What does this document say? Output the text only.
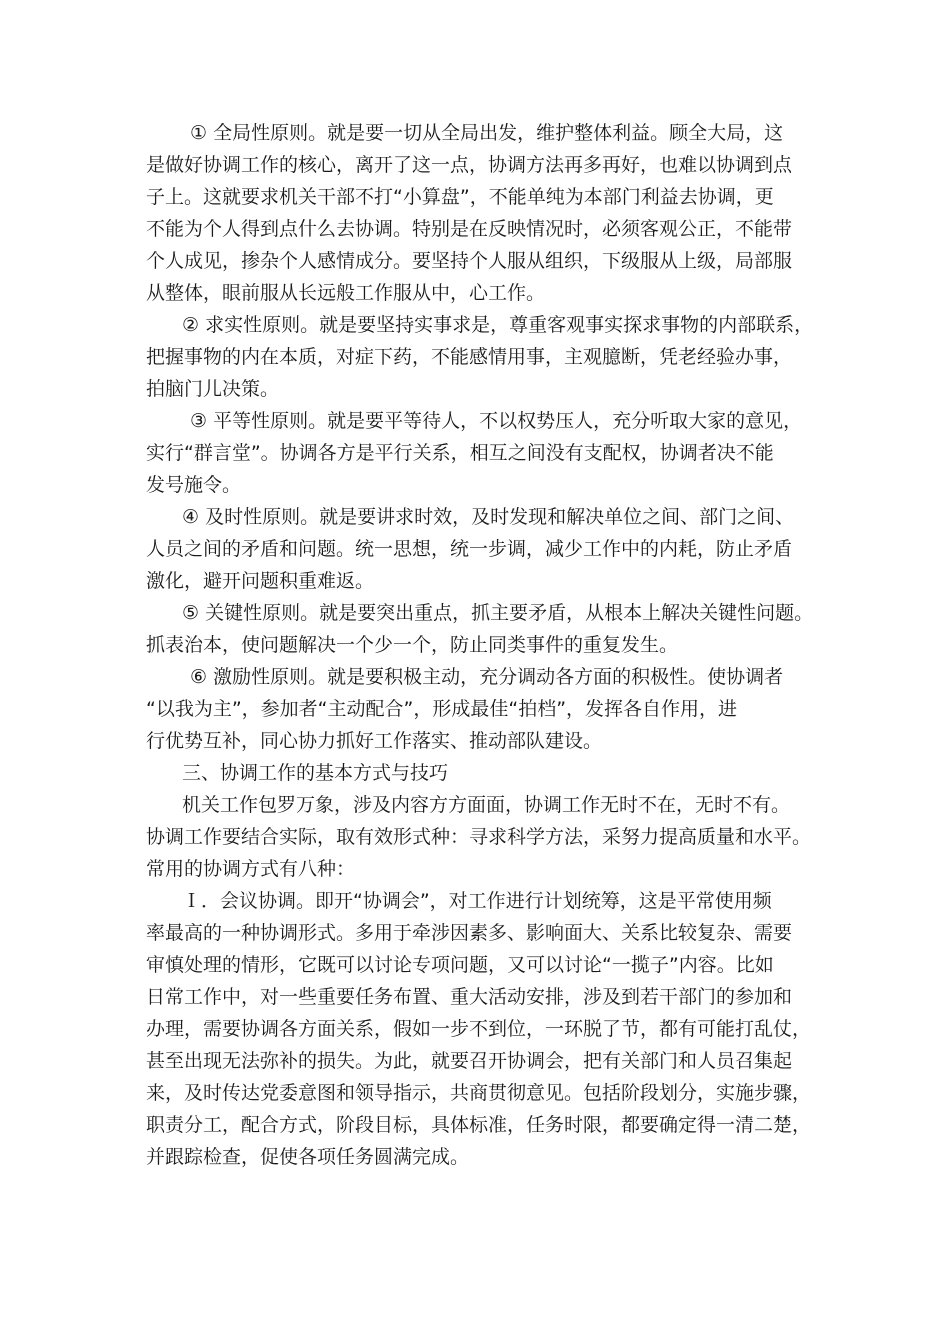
① 全局性原则。就是要一切从全局出发，维护整体利益。顾全大局，这

是做好协调工作的核心，离开了这一点，协调方法再多再好，也难以协调到点

子上。这就要求机关干部不打“小算盘”，不能单纯为本部门利益去协调，更

不能为个人得到点什么去协调。特别是在反映情况时，必须客观公正，不能带

个人成见，掺杂个人感情成分。要坚持个人服从组织，下级服从上级，局部服

从整体，眼前服从长远般工作服从中，心工作。

② 求实性原则。就是要坚持实事求是，尊重客观事实探求事物的内部联系，

把握事物的内在本质，对症下药，不能感情用事，主观臆断，凭老经验办事，

拍脑门儿决策。

③ 平等性原则。就是要平等待人，不以权势压人，充分听取大家的意见，

实行“群言堂”。协调各方是平行关系，相互之间没有支配权，协调者决不能

发号施令。

④ 及时性原则。就是要讲求时效，及时发现和解决单位之间、部门之间、

人员之间的矛盾和问题。统一思想，统一步调，减少工作中的内耗，防止矛盾

激化，避开问题积重难返。

⑤ 关键性原则。就是要突出重点，抓主要矛盾，从根本上解决关键性问题。

抓表治本，使问题解决一个少一个，防止同类事件的重复发生。

⑥ 激励性原则。就是要积极主动，充分调动各方面的积极性。使协调者

“以我为主”，参加者“主动配合”，形成最佳“拍档”，发挥各自作用，进

行优势互补，同心协力抓好工作落实、推动部队建设。

三、协调工作的基本方式与技巧

机关工作包罗万象，涉及内容方方面面，协调工作无时不在，无时不有。

协调工作要结合实际，取有效形式种：寻求科学方法，采努力提高质量和水平。

常用的协调方式有八种：

Ｉ．会议协调。即开“协调会”，对工作进行计划统筹，这是平常使用频

率最高的一种协调形式。多用于牵涉因素多、影响面大、关系比较复杂、需要

审慎处理的情形，它既可以讨论专项问题，又可以讨论“一揽子”内容。比如

日常工作中，对一些重要任务布置、重大活动安排，涉及到若干部门的参加和

办理，需要协调各方面关系，假如一步不到位，一环脱了节，都有可能打乱仗，

甚至出现无法弥补的损失。为此，就要召开协调会，把有关部门和人员召集起

来，及时传达党委意图和领导指示，共商贯彻意见。包括阶段划分，实施步骤，

职责分工，配合方式，阶段目标，具体标准，任务时限，都要确定得一清二楚，

并跟踪检查，促使各项任务圆满完成。
